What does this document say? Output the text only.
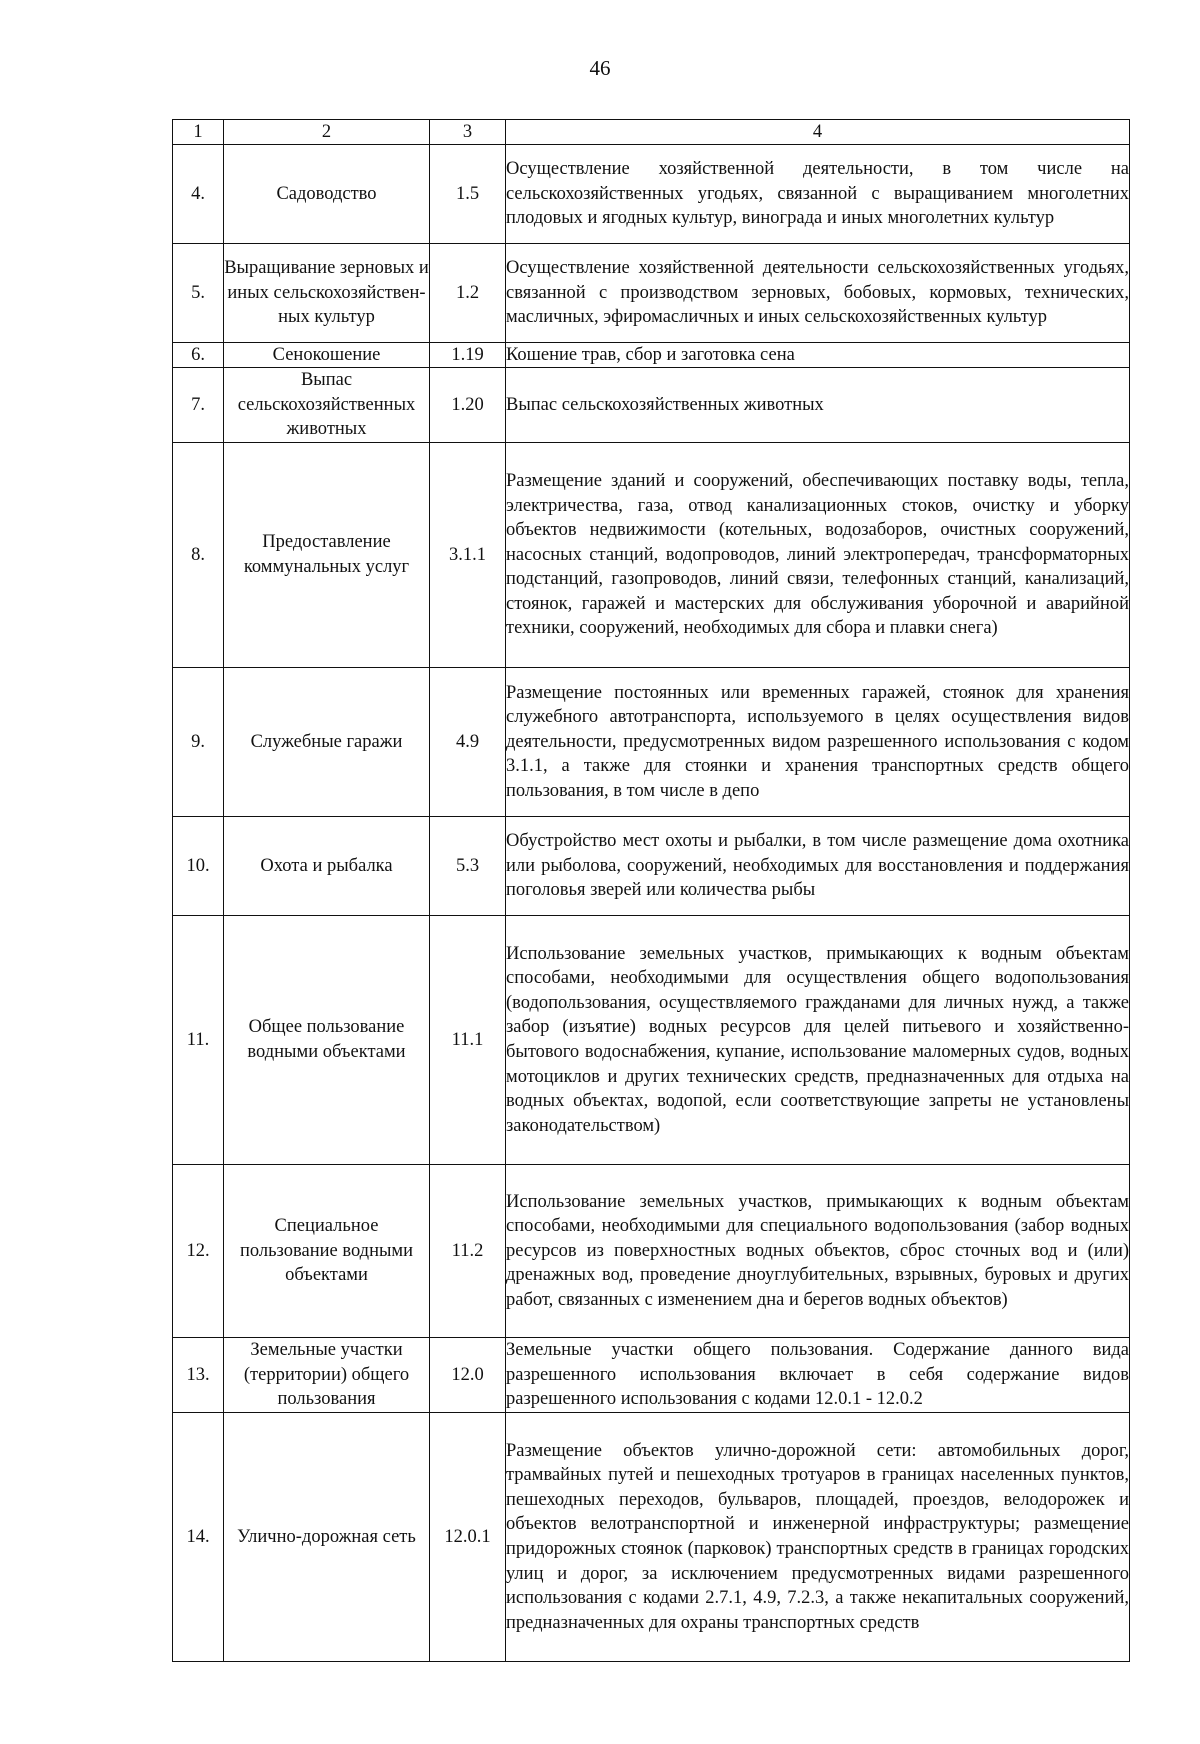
46
1	2	3	4
4.	Садоводство	1.5	Осуществление хозяйственной деятельности, в том числе на сельскохозяйственных угодьях, связанной с выращиванием многолетних плодовых и ягодных культур, винограда и иных многолетних культур
5.	Выращивание зерновых и иных сельскохозяйствен-ных культур	1.2	Осуществление хозяйственной деятельности сельскохозяйственных угодьях, связанной с производством зерновых, бобовых, кормовых, технических, масличных, эфиромасличных и иных сельскохозяйственных культур
6.	Сенокошение	1.19	Кошение трав, сбор и заготовка сена
7.	Выпас сельскохозяйственных животных	1.20	Выпас сельскохозяйственных животных
8.	Предоставление коммунальных услуг	3.1.1	Размещение зданий и сооружений, обеспечивающих поставку воды, тепла, электричества, газа, отвод канализационных стоков, очистку и уборку объектов недвижимости (котельных, водозаборов, очистных сооружений, насосных станций, водопроводов, линий электропередач, трансформаторных подстанций, газопроводов, линий связи, телефонных станций, канализаций, стоянок, гаражей и мастерских для обслуживания уборочной и аварийной техники, сооружений, необходимых для сбора и плавки снега)
9.	Служебные гаражи	4.9	Размещение постоянных или временных гаражей, стоянок для хранения служебного автотранспорта, используемого в целях осуществления видов деятельности, предусмотренных видом разрешенного использования с кодом 3.1.1, а также для стоянки и хранения транспортных средств общего пользования, в том числе в депо
10.	Охота и рыбалка	5.3	Обустройство мест охоты и рыбалки, в том числе размещение дома охотника или рыболова, сооружений, необходимых для восстановления и поддержания поголовья зверей или количества рыбы
11.	Общее пользование водными объектами	11.1	Использование земельных участков, примыкающих к водным объектам способами, необходимыми для осуществления общего водопользования (водопользования, осуществляемого гражданами для личных нужд, а также забор (изъятие) водных ресурсов для целей питьевого и хозяйственно-бытового водоснабжения, купание, использование маломерных судов, водных мотоциклов и других технических средств, предназначенных для отдыха на водных объектах, водопой, если соответствующие запреты не установлены законодательством)
12.	Специальное пользование водными объектами	11.2	Использование земельных участков, примыкающих к водным объектам способами, необходимыми для специального водопользования (забор водных ресурсов из поверхностных водных объектов, сброс сточных вод и (или) дренажных вод, проведение дноуглубительных, взрывных, буровых и других работ, связанных с изменением дна и берегов водных объектов)
13.	Земельные участки (территории) общего пользования	12.0	Земельные участки общего пользования. Содержание данного вида разрешенного использования включает в себя содержание видов разрешенного использования с кодами 12.0.1 - 12.0.2
14.	Улично-дорожная сеть	12.0.1	Размещение объектов улично-дорожной сети: автомобильных дорог, трамвайных путей и пешеходных тротуаров в границах населенных пунктов, пешеходных переходов, бульваров, площадей, проездов, велодорожек и объектов велотранспортной и инженерной инфраструктуры; размещение придорожных стоянок (парковок) транспортных средств в границах городских улиц и дорог, за исключением предусмотренных видами разрешенного использования с кодами 2.7.1, 4.9, 7.2.3, а также некапитальных сооружений, предназначенных для охраны транспортных средств
